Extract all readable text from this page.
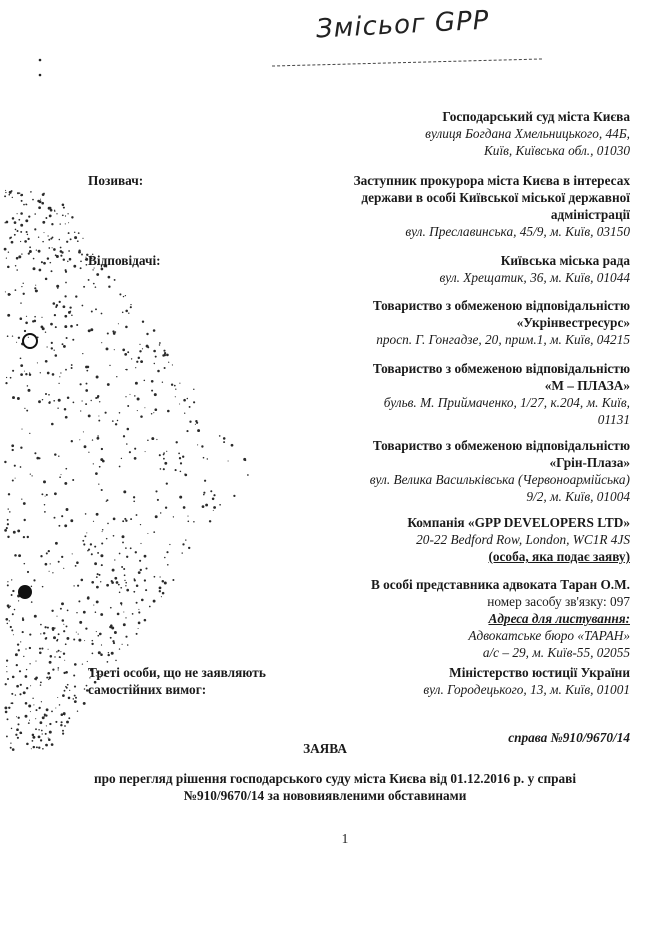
Змісьог GPP
Господарський суд міста Києва
вулиця Богдана Хмельницького, 44Б,
Київ, Київська обл., 01030
Позивач:	Заступник прокурора міста Києва в інтересах
держави в особі Київської міської державної
адміністрації
вул. Преславинська, 45/9, м. Київ, 03150
Відповідачі:	Київська міська рада
вул. Хрещатик, 36, м. Київ, 01044
Товариство з обмеженою відповідальністю
«Укрінвестресурс»
просп. Г. Гонгадзе, 20, прим.1, м. Київ, 04215
Товариство з обмеженою відповідальністю
«М – ПЛАЗА»
бульв. М. Приймаченко, 1/27, к.204, м. Київ,
01131
Товариство з обмеженою відповідальністю
«Грін-Плаза»
вул. Велика Васильківська (Червоноармійська)
9/2, м. Київ, 01004
Компанія «GPP DEVELOPERS LTD»
20-22 Bedford Row, London, WC1R 4JS
(особа, яка подає заяву)
В особі представника адвоката Таран О.М.
номер засобу зв'язку: 097
Адреса для листування:
Адвокатське бюро «ТАРАН»
а/с – 29, м. Київ-55, 02055
Треті особи, що не заявляють
самостійних вимог:
Міністерство юстиції України
вул. Городецького, 13, м. Київ, 01001
справа №910/9670/14
ЗАЯВА
про перегляд рішення господарського суду міста Києва від 01.12.2016 р. у справі
№910/9670/14 за нововиявленими обставинами
1
